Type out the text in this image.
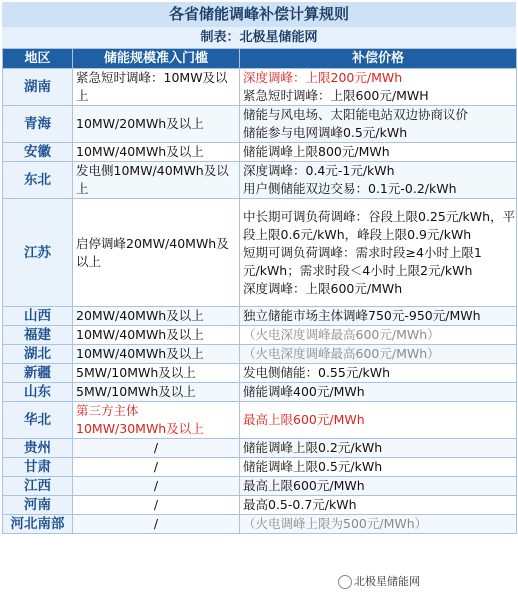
各省储能调峰补偿计算规则
制表：北极星储能网
地区	储能规模准入门槛	补偿价格
湖南	紧急短时调峰：10MW及以上	深度调峰：上限200元/MWh
紧急短时调峰：上限600元/MWH

青海	10MW/20MWh及以上	储能与风电场、太阳能电站双边协商议价
储能参与电网调峰0.5元/kWh

安徽	10MW/40MWh及以上	储能调峰上限800元/MWh

东北	发电侧10MW/40MWh及以上	深度调峰：0.4元-1元/kWh
用户侧储能双边交易：0.1元-0.2/kWh

江苏	启停调峰20MW/40MWh及以上	中长期可调负荷调峰：谷段上限0.25元/kWh，平段上限0.6元/kWh，峰段上限0.9元/kWh
短期可调负荷调峰：需求时段≥4小时上限1元/kWh；需求时段＜4小时上限2元/kWh
深度调峰：上限600元/MWh

山西	20MW/40MWh及以上	独立储能市场主体调峰750元-950元/MWh

福建	10MW/40MWh及以上	（火电深度调峰最高600元/MWh）

湖北	10MW/40MWh及以上	（火电深度调峰最高600元/MWh）

新疆	5MW/10MWh及以上	发电侧储能：0.55元/kWh

山东	5MW/10MWh及以上	储能调峰400元/MWh

华北	第三方主体
10MW/30MWh及以上	最高上限600元/MWh

贵州	/	储能调峰上限0.2元/kWh

甘肃	/	储能调峰上限0.5元/kWh

江西	/	最高上限600元/MWh

河南	/	最高0.5-0.7元/kWh

河北南部	/	（火电调峰上限为500元/MWh）
北极星储能网
